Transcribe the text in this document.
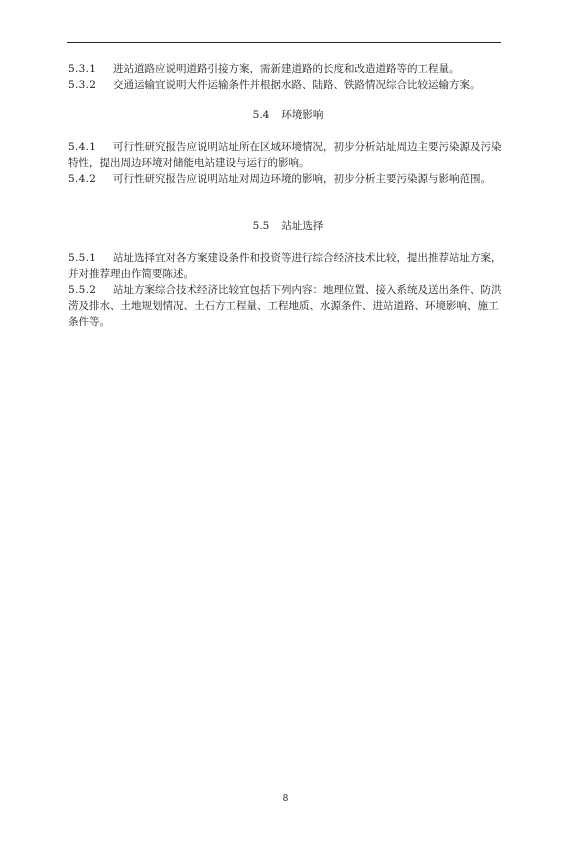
5.3.1 进站道路应说明道路引接方案，需新建道路的长度和改造道路等的工程量。

5.3.2 交通运输宜说明大件运输条件并根据水路、陆路、铁路情况综合比较运输方案。

5.4 环境影响

5.4.1 可行性研究报告应说明站址所在区域环境情况，初步分析站址周边主要污染源及污染特性，提出周边环境对储能电站建设与运行的影响。

5.4.2 可行性研究报告应说明站址对周边环境的影响，初步分析主要污染源与影响范围。

5.5 站址选择

5.5.1 站址选择宜对各方案建设条件和投资等进行综合经济技术比较，提出推荐站址方案，并对推荐理由作简要陈述。

5.5.2 站址方案综合技术经济比较宜包括下列内容：地理位置、接入系统及送出条件、防洪涝及排水、土地规划情况、土石方工程量、工程地质、水源条件、进站道路、环境影响、施工条件等。

8
